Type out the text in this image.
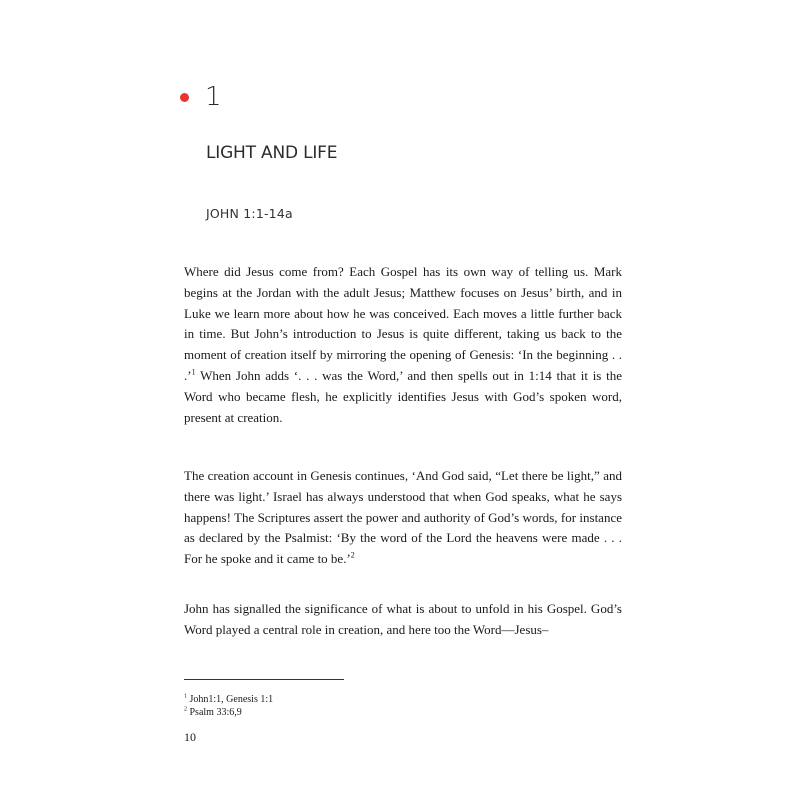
1
LIGHT AND LIFE
JOHN 1:1-14a

Where did Jesus come from? Each Gospel has its own way of telling us. Mark begins at the Jordan with the adult Jesus; Matthew focuses on Jesus’ birth, and in Luke we learn more about how he was conceived. Each moves a little further back in time. But John’s introduction to Jesus is quite different, taking us back to the moment of creation itself by mirroring the opening of Genesis: ‘In the beginning . . .’$^1$ When John adds ‘. . . was the Word,’ and then spells out in 1:14 that it is the Word who became flesh, he explicitly identifies Jesus with God’s spoken word, present at creation.

The creation account in Genesis continues, ‘And God said, “Let there be light,” and there was light.’ Israel has always understood that when God speaks, what he says happens! The Scriptures assert the power and authority of God’s words, for instance as declared by the Psalmist: ‘By the word of the Lord the heavens were made . . . For he spoke and it came to be.’$^2$

John has signalled the significance of what is about to unfold in his Gospel. God’s Word played a central role in creation, and here too the Word—Jesus–

$^1$ John1:1, Genesis 1:1
$^2$ Psalm 33:6,9
10
